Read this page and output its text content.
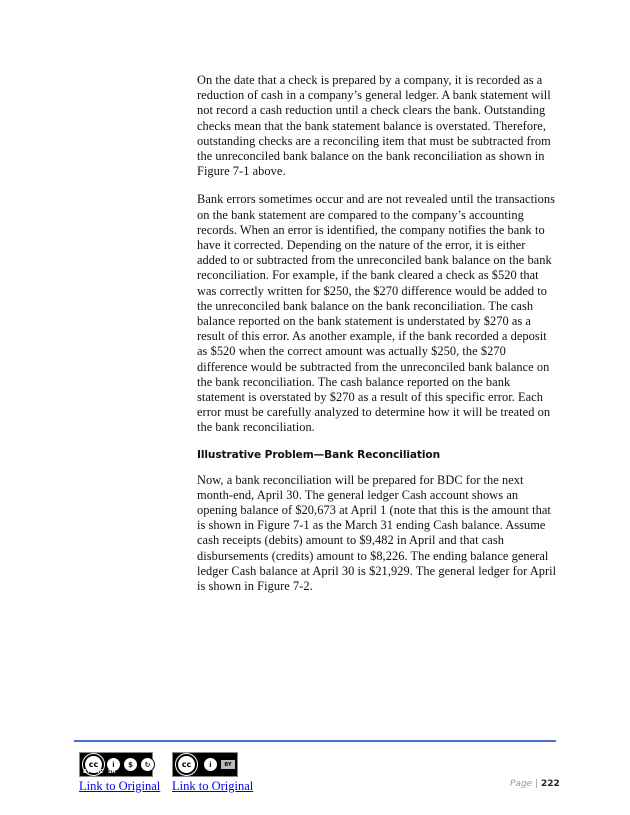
On the date that a check is prepared by a company, it is recorded as a reduction of cash in a company’s general ledger. A bank statement will not record a cash reduction until a check clears the bank. Outstanding checks mean that the bank statement balance is overstated. Therefore, outstanding checks are a reconciling item that must be subtracted from the unreconciled bank balance on the bank reconciliation as shown in Figure 7-1 above.

Bank errors sometimes occur and are not revealed until the transactions on the bank statement are compared to the company’s accounting records. When an error is identified, the company notifies the bank to have it corrected. Depending on the nature of the error, it is either added to or subtracted from the unreconciled bank balance on the bank reconciliation. For example, if the bank cleared a check as $520 that was correctly written for $250, the $270 difference would be added to the unreconciled bank balance on the bank reconciliation. The cash balance reported on the bank statement is understated by $270 as a result of this error. As another example, if the bank recorded a deposit as $520 when the correct amount was actually $250, the $270 difference would be subtracted from the unreconciled bank balance on the bank reconciliation. The cash balance reported on the bank statement is overstated by $270 as a result of this specific error. Each error must be carefully analyzed to determine how it will be treated on the bank reconciliation.

Illustrative Problem—Bank Reconciliation

Now, a bank reconciliation will be prepared for BDC for the next month-end, April 30. The general ledger Cash account shows an opening balance of $20,673 at April 1 (note that this is the amount that is shown in Figure 7-1 as the March 31 ending Cash balance. Assume cash receipts (debits) amount to $9,482 in April and that cash disbursements (credits) amount to $8,226. The ending balance general ledger Cash balance at April 30 is $21,929. The general ledger for April is shown in Figure 7-2.

cc i $ ↻	cc	i	BY
Link to Original Link to Original	Page | 222
BY NC SA
